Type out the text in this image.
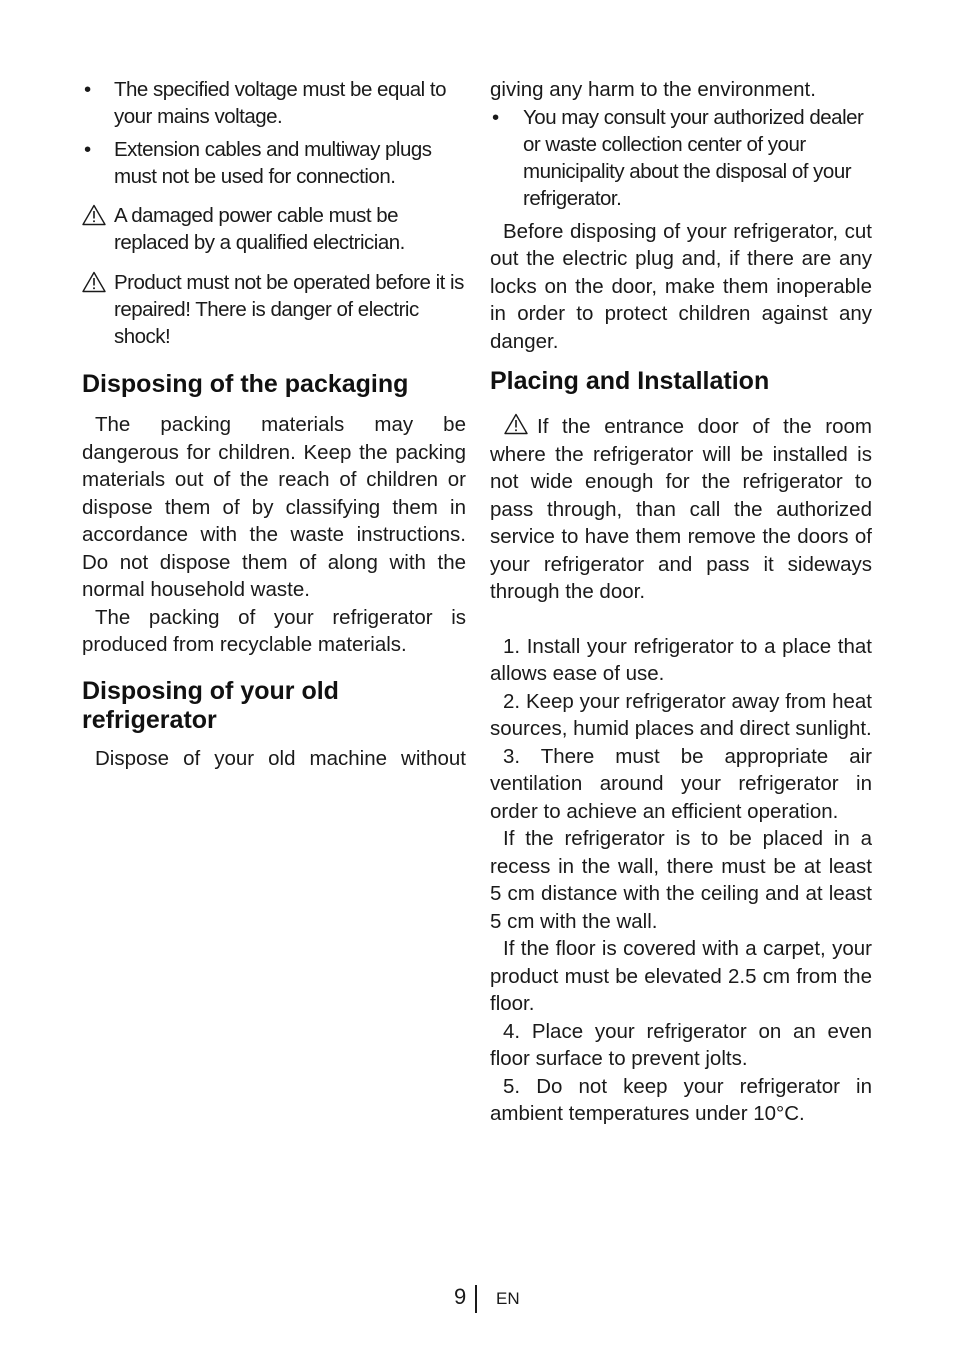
• The specified voltage must be equal to your mains voltage.
• Extension cables and multiway plugs must not be used for connection.
A damaged power cable must be replaced by a qualified electrician.
Product must not be operated before it is repaired! There is danger of electric shock!
Disposing of the packaging

The packing materials may be dangerous for children. Keep the packing

materials out of the reach of children or dispose them of by classifying them in accordance with the waste instructions. Do not dispose them of along with the normal household waste.

The packing of your refrigerator is produced from recyclable materials.

Disposing of your old refrigerator

Dispose of your old machine without

giving any harm to the environment.

• You may consult your authorized dealer or waste collection center of your municipality about the disposal of your refrigerator.

Before disposing of your refrigerator, cut out the electric plug and, if there are any locks on the door, make them inoperable in order to protect children against any danger.

Placing and Installation

If the entrance door of the room where the refrigerator will be installed is not wide enough for the refrigerator to pass through, than call the authorized service to have them remove the doors of your refrigerator and pass it sideways through the door.

1. Install your refrigerator to a place that allows ease of use.

2. Keep your refrigerator away from heat sources, humid places and direct sunlight.

3. There must be appropriate air ventilation around your refrigerator in order to achieve an efficient operation.

If the refrigerator is to be placed in a recess in the wall, there must be at least 5 cm distance with the ceiling and at least 5 cm with the wall.

If the floor is covered with a carpet, your product must be elevated 2.5 cm from the floor.

4. Place your refrigerator on an even floor surface to prevent jolts.

5. Do not keep your refrigerator in ambient temperatures under 10°C.

9 EN
